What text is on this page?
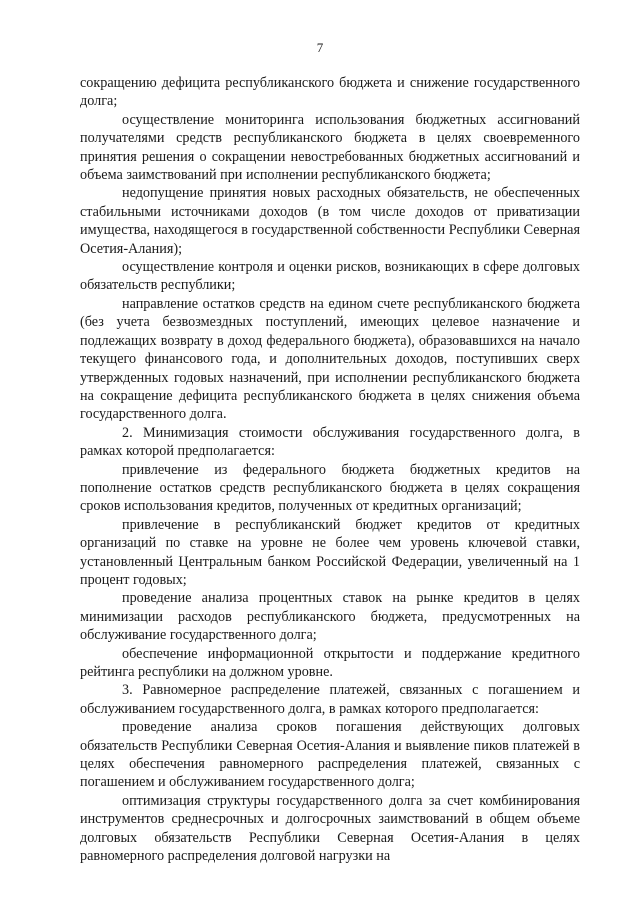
7

сокращению дефицита республиканского бюджета и снижение государственного долга;

осуществление мониторинга использования бюджетных ассигнований получателями средств республиканского бюджета в целях своевременного принятия решения о сокращении невостребованных бюджетных ассигнований и объема заимствований при исполнении республиканского бюджета;

недопущение принятия новых расходных обязательств, не обеспеченных стабильными источниками доходов (в том числе доходов от приватизации имущества, находящегося в государственной собственности Республики Северная Осетия-Алания);

осуществление контроля и оценки рисков, возникающих в сфере долговых обязательств республики;

направление остатков средств на едином счете республиканского бюджета (без учета безвозмездных поступлений, имеющих целевое назначение и подлежащих возврату в доход федерального бюджета), образовавшихся на начало текущего финансового года, и дополнительных доходов, поступивших сверх утвержденных годовых назначений, при исполнении республиканского бюджета на сокращение дефицита республиканского бюджета в целях снижения объема государственного долга.

2. Минимизация стоимости обслуживания государственного долга, в рамках которой предполагается:

привлечение из федерального бюджета бюджетных кредитов на пополнение остатков средств республиканского бюджета в целях сокращения сроков использования кредитов, полученных от кредитных организаций;

привлечение в республиканский бюджет кредитов от кредитных организаций по ставке на уровне не более чем уровень ключевой ставки, установленный Центральным банком Российской Федерации, увеличенный на 1 процент годовых;

проведение анализа процентных ставок на рынке кредитов в целях минимизации расходов республиканского бюджета, предусмотренных на обслуживание государственного долга;

обеспечение информационной открытости и поддержание кредитного рейтинга республики на должном уровне.

3. Равномерное распределение платежей, связанных с погашением и обслуживанием государственного долга, в рамках которого предполагается:

проведение анализа сроков погашения действующих долговых обязательств Республики Северная Осетия-Алания и выявление пиков платежей в целях обеспечения равномерного распределения платежей, связанных с погашением и обслуживанием государственного долга;

оптимизация структуры государственного долга за счет комбинирования инструментов среднесрочных и долгосрочных заимствований в общем объеме долговых обязательств Республики Северная Осетия-Алания в целях равномерного распределения долговой нагрузки на
